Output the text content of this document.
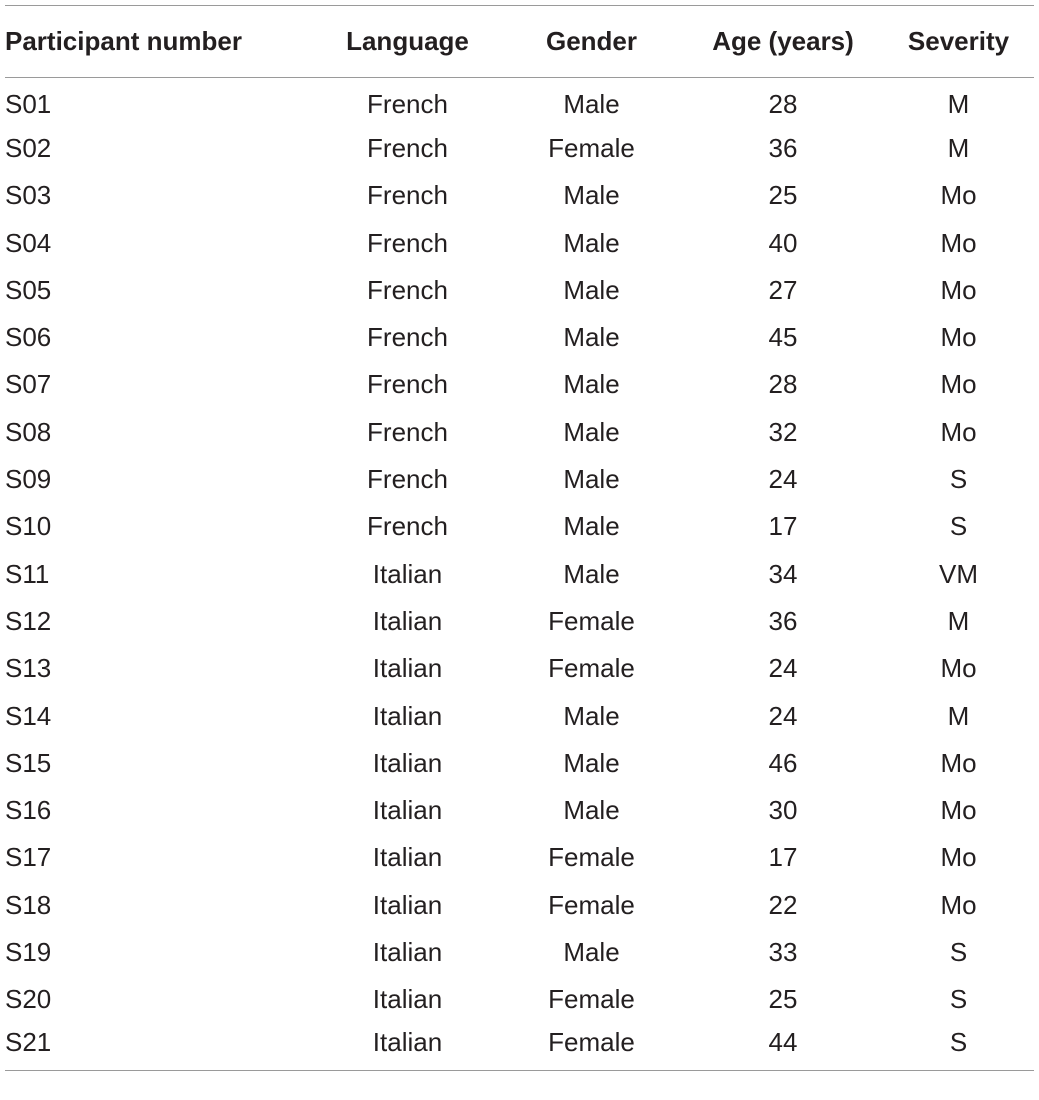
Participant number	Language	Gender	Age (years)	Severity
S01	French	Male	28	M
S02	French	Female	36	M
S03	French	Male	25	Mo
S04	French	Male	40	Mo
S05	French	Male	27	Mo
S06	French	Male	45	Mo
S07	French	Male	28	Mo
S08	French	Male	32	Mo
S09	French	Male	24	S
S10	French	Male	17	S
S11	Italian	Male	34	VM
S12	Italian	Female	36	M
S13	Italian	Female	24	Mo
S14	Italian	Male	24	M
S15	Italian	Male	46	Mo
S16	Italian	Male	30	Mo
S17	Italian	Female	17	Mo
S18	Italian	Female	22	Mo
S19	Italian	Male	33	S
S20	Italian	Female	25	S
S21	Italian	Female	44	S
